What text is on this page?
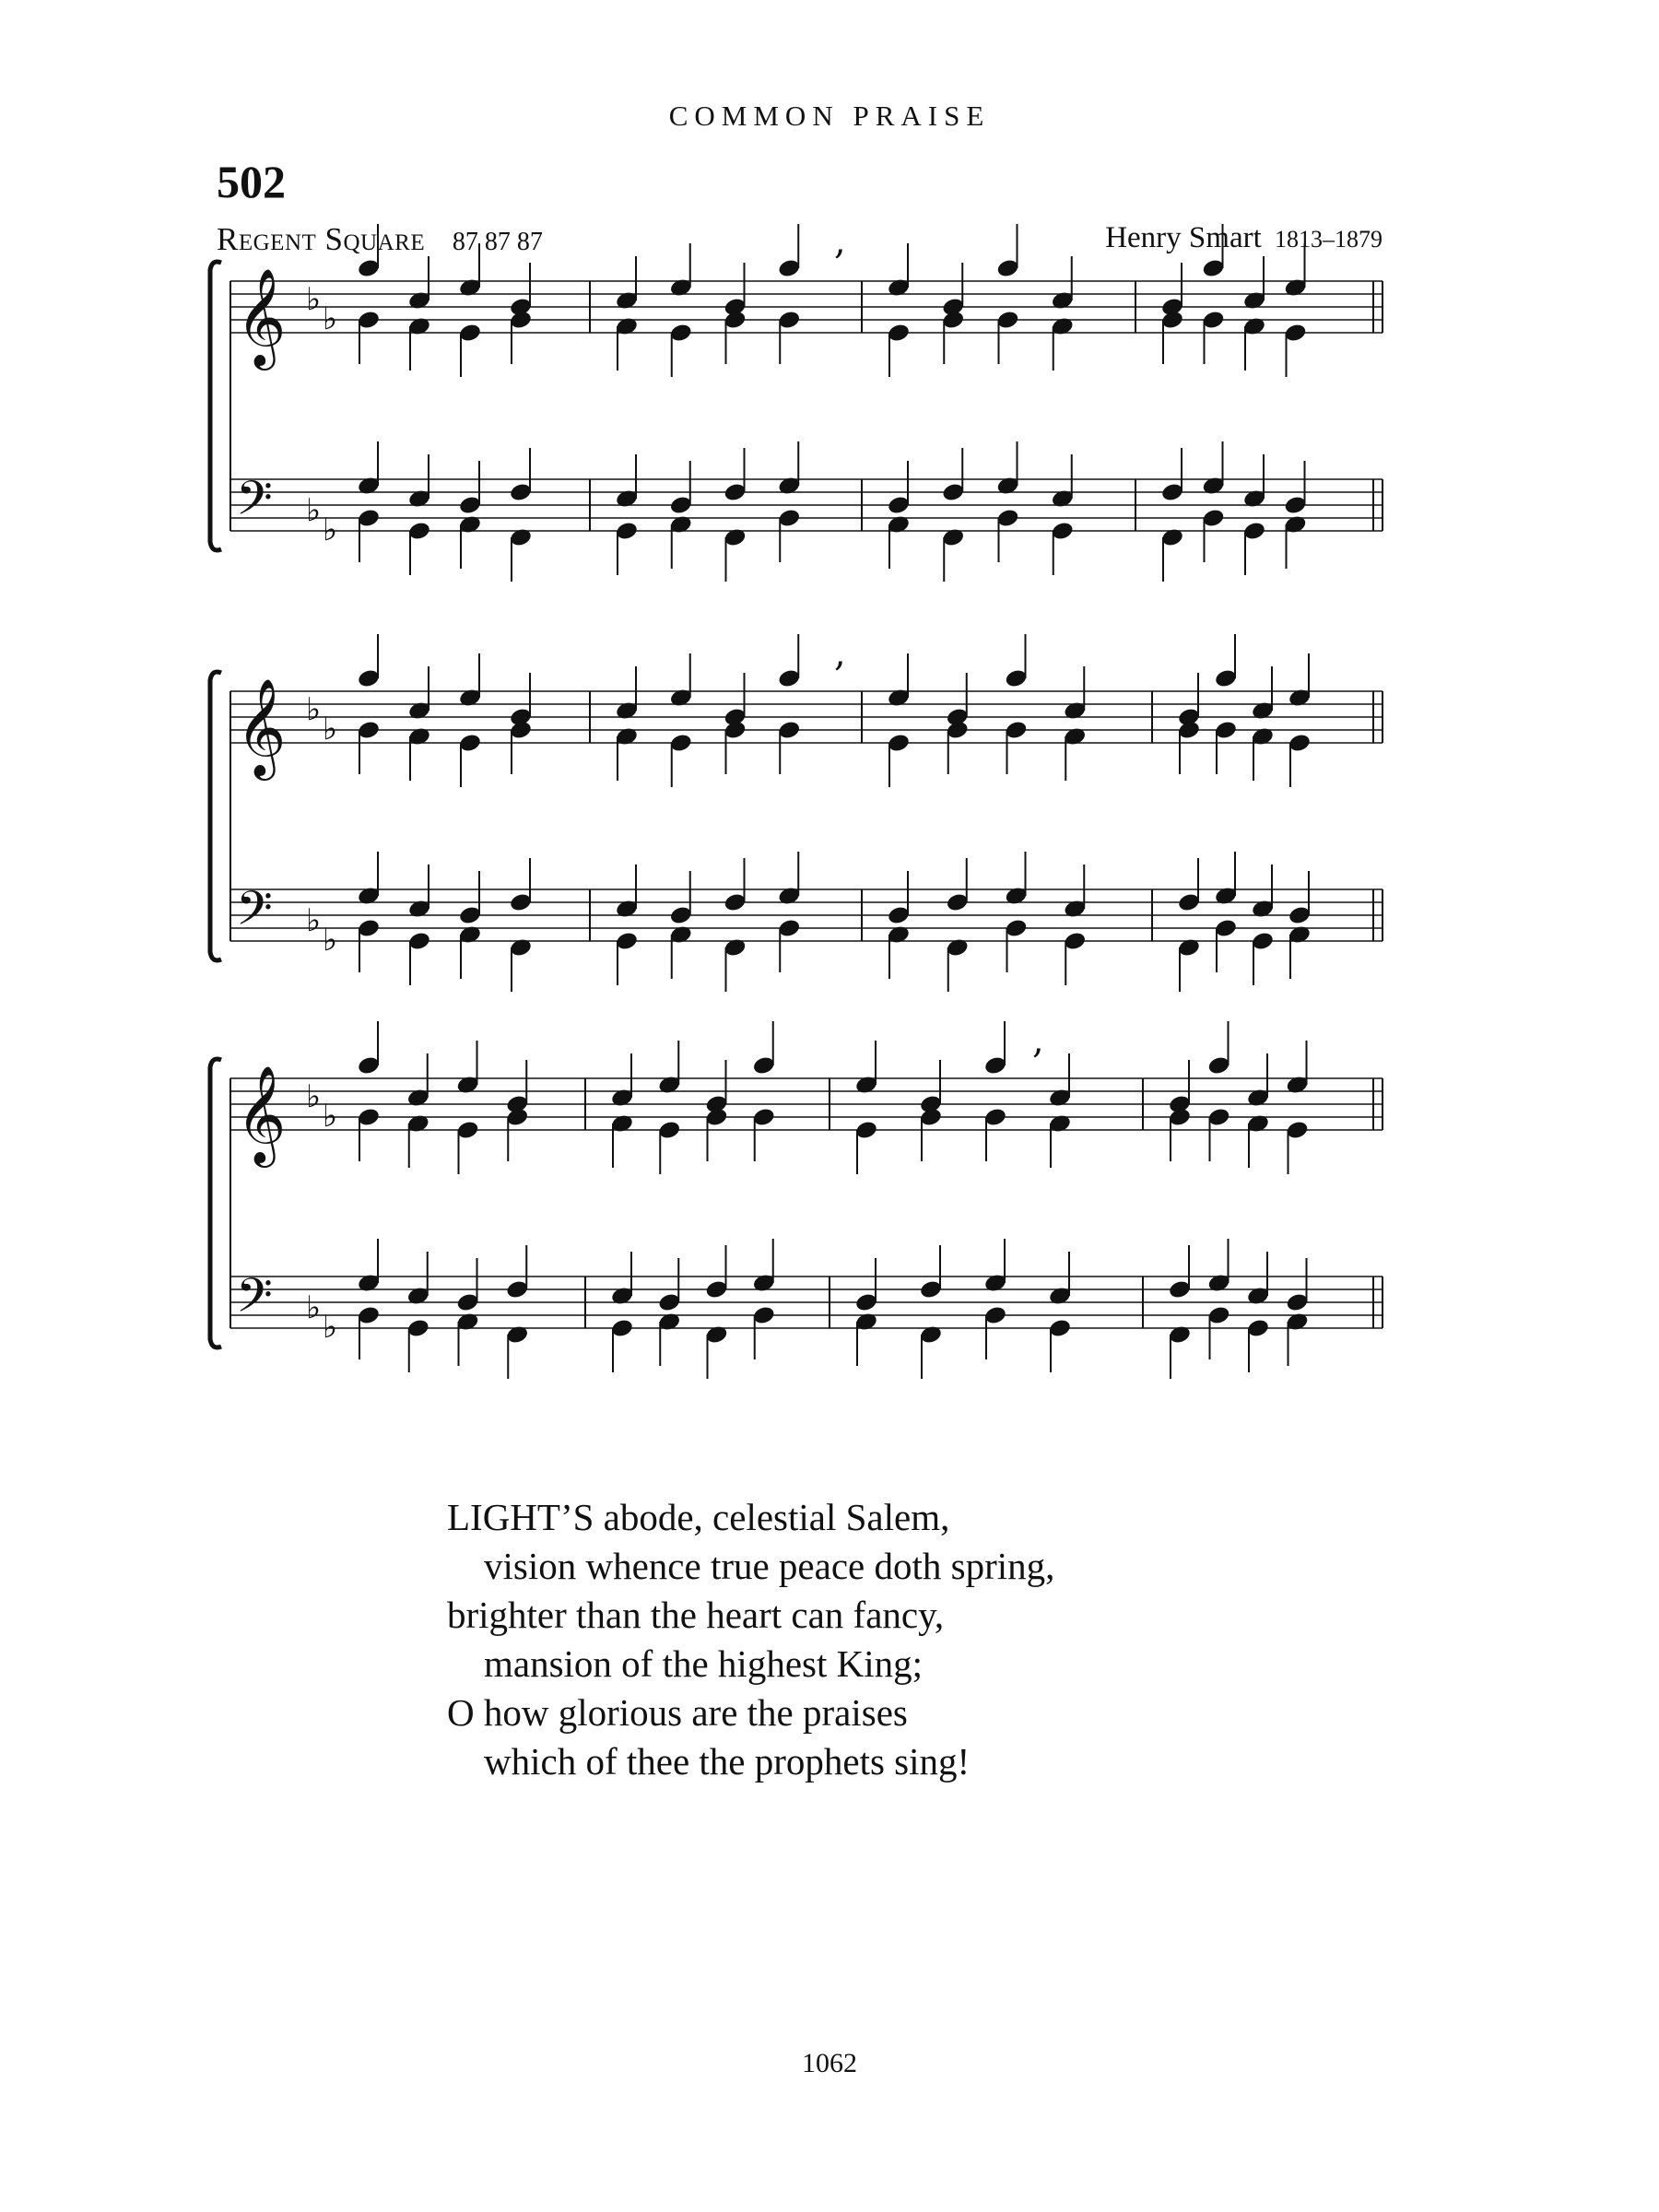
COMMON PRAISE
502
Regent Square 87 87 87	Henry Smart 1813–1879
𝄞 ♭
♭
𝄢 ♭
♭
𝄞 ♭
♭
𝄢 ♭
♭
𝄞 ♭
♭
𝄢 ♭
♭
,
,
,
LIGHT’S abode, celestial Salem,
vision whence true peace doth spring,
brighter than the heart can fancy,
mansion of the highest King;
O how glorious are the praises
which of thee the prophets sing!
1062
